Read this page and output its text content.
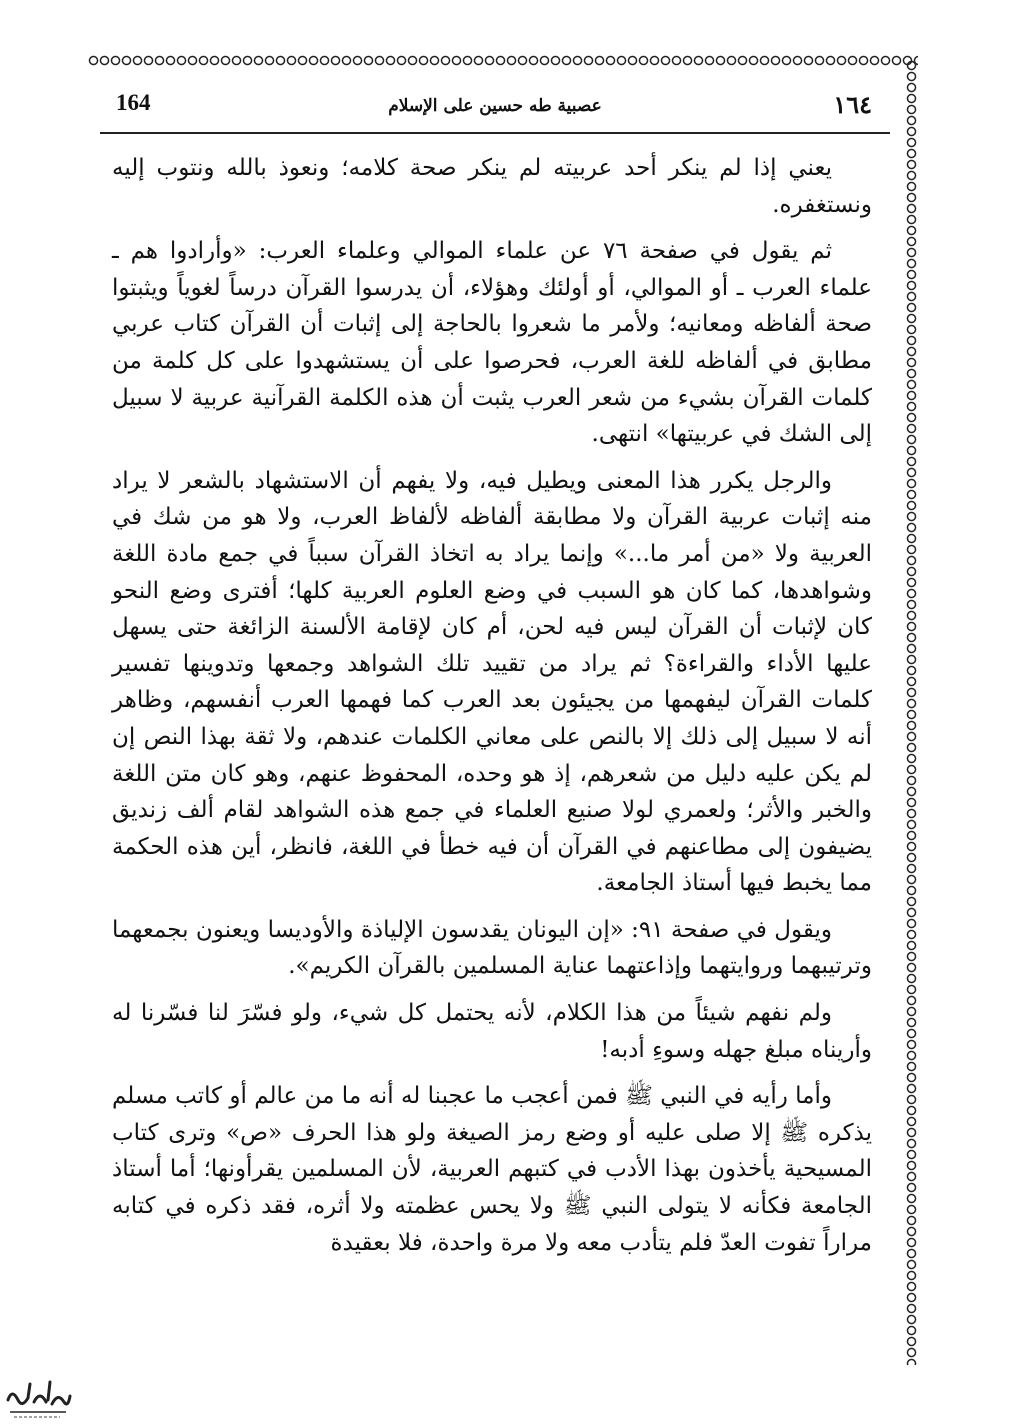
164	عصبية طه حسين على الإسلام	١٦٤

يعني إذا لم ينكر أحد عربيته لم ينكر صحة كلامه؛ ونعوذ بالله ونتوب إليه ونستغفره.

ثم يقول في صفحة ٧٦ عن علماء الموالي وعلماء العرب: «وأرادوا هم ـ علماء العرب ـ أو الموالي، أو أولئك وهؤلاء، أن يدرسوا القرآن درساً لغوياً ويثبتوا صحة ألفاظه ومعانيه؛ ولأمر ما شعروا بالحاجة إلى إثبات أن القرآن كتاب عربي مطابق في ألفاظه للغة العرب، فحرصوا على أن يستشهدوا على كل كلمة من كلمات القرآن بشيء من شعر العرب يثبت أن هذه الكلمة القرآنية عربية لا سبيل إلى الشك في عربيتها» انتهى.

والرجل يكرر هذا المعنى ويطيل فيه، ولا يفهم أن الاستشهاد بالشعر لا يراد منه إثبات عربية القرآن ولا مطابقة ألفاظه لألفاظ العرب، ولا هو من شك في العربية ولا «من أمر ما...» وإنما يراد به اتخاذ القرآن سبباً في جمع مادة اللغة وشواهدها، كما كان هو السبب في وضع العلوم العربية كلها؛ أفترى وضع النحو كان لإثبات أن القرآن ليس فيه لحن، أم كان لإقامة الألسنة الزائغة حتى يسهل عليها الأداء والقراءة؟ ثم يراد من تقييد تلك الشواهد وجمعها وتدوينها تفسير كلمات القرآن ليفهمها من يجيئون بعد العرب كما فهمها العرب أنفسهم، وظاهر أنه لا سبيل إلى ذلك إلا بالنص على معاني الكلمات عندهم، ولا ثقة بهذا النص إن لم يكن عليه دليل من شعرهم، إذ هو وحده، المحفوظ عنهم، وهو كان متن اللغة والخبر والأثر؛ ولعمري لولا صنيع العلماء في جمع هذه الشواهد لقام ألف زنديق يضيفون إلى مطاعنهم في القرآن أن فيه خطأ في اللغة، فانظر، أين هذه الحكمة مما يخبط فيها أستاذ الجامعة.

ويقول في صفحة ٩١: «إن اليونان يقدسون الإلياذة والأوديسا ويعنون بجمعهما وترتيبهما وروايتهما وإذاعتهما عناية المسلمين بالقرآن الكريم».

ولم نفهم شيئاً من هذا الكلام، لأنه يحتمل كل شيء، ولو فسّرَ لنا فسّرنا له وأريناه مبلغ جهله وسوءِ أدبه!

وأما رأيه في النبي ﷺ فمن أعجب ما عجبنا له أنه ما من عالم أو كاتب مسلم يذكره ﷺ إلا صلى عليه أو وضع رمز الصيغة ولو هذا الحرف «ص» وترى كتاب المسيحية يأخذون بهذا الأدب في كتبهم العربية، لأن المسلمين يقرأونها؛ أما أستاذ الجامعة فكأنه لا يتولى النبي ﷺ ولا يحس عظمته ولا أثره، فقد ذكره في كتابه مراراً تفوت العدّ فلم يتأدب معه ولا مرة واحدة، فلا بعقيدة
